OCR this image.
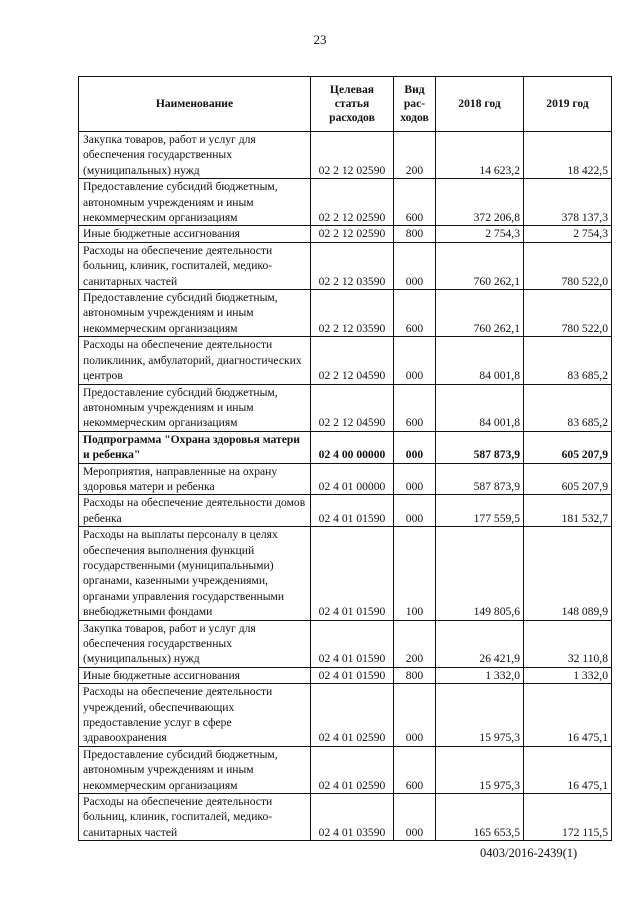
23
Наименование	Целевая статья расходов	Вид рас-ходов	2018 год	2019 год
Закупка товаров, работ и услуг для обеспечения государственных (муниципальных) нужд	02 2 12 02590	200	14 623,2	18 422,5
Предоставление субсидий бюджетным, автономным учреждениям и иным некоммерческим организациям	02 2 12 02590	600	372 206,8	378 137,3
Иные бюджетные ассигнования	02 2 12 02590	800	2 754,3	2 754,3
Расходы на обеспечение деятельности больниц, клиник, госпиталей, медико-санитарных частей	02 2 12 03590	000	760 262,1	780 522,0
Предоставление субсидий бюджетным, автономным учреждениям и иным некоммерческим организациям	02 2 12 03590	600	760 262,1	780 522,0
Расходы на обеспечение деятельности поликлиник, амбулаторий, диагностических центров	02 2 12 04590	000	84 001,8	83 685,2
Предоставление субсидий бюджетным, автономным учреждениям и иным некоммерческим организациям	02 2 12 04590	600	84 001,8	83 685,2
Подпрограмма "Охрана здоровья матери и ребенка"	02 4 00 00000	000	587 873,9	605 207,9
Мероприятия, направленные на охрану здоровья матери и ребенка	02 4 01 00000	000	587 873,9	605 207,9
Расходы на обеспечение деятельности домов ребенка	02 4 01 01590	000	177 559,5	181 532,7
Расходы на выплаты персоналу в целях обеспечения выполнения функций государственными (муниципальными) органами, казенными учреждениями, органами управления государственными внебюджетными фондами	02 4 01 01590	100	149 805,6	148 089,9
Закупка товаров, работ и услуг для обеспечения государственных (муниципальных) нужд	02 4 01 01590	200	26 421,9	32 110,8
Иные бюджетные ассигнования	02 4 01 01590	800	1 332,0	1 332,0
Расходы на обеспечение деятельности учреждений, обеспечивающих предоставление услуг в сфере здравоохранения	02 4 01 02590	000	15 975,3	16 475,1
Предоставление субсидий бюджетным, автономным учреждениям и иным некоммерческим организациям	02 4 01 02590	600	15 975,3	16 475,1
Расходы на обеспечение деятельности больниц, клиник, госпиталей, медико-санитарных частей	02 4 01 03590	000	165 653,5	172 115,5
0403/2016-2439(1)
